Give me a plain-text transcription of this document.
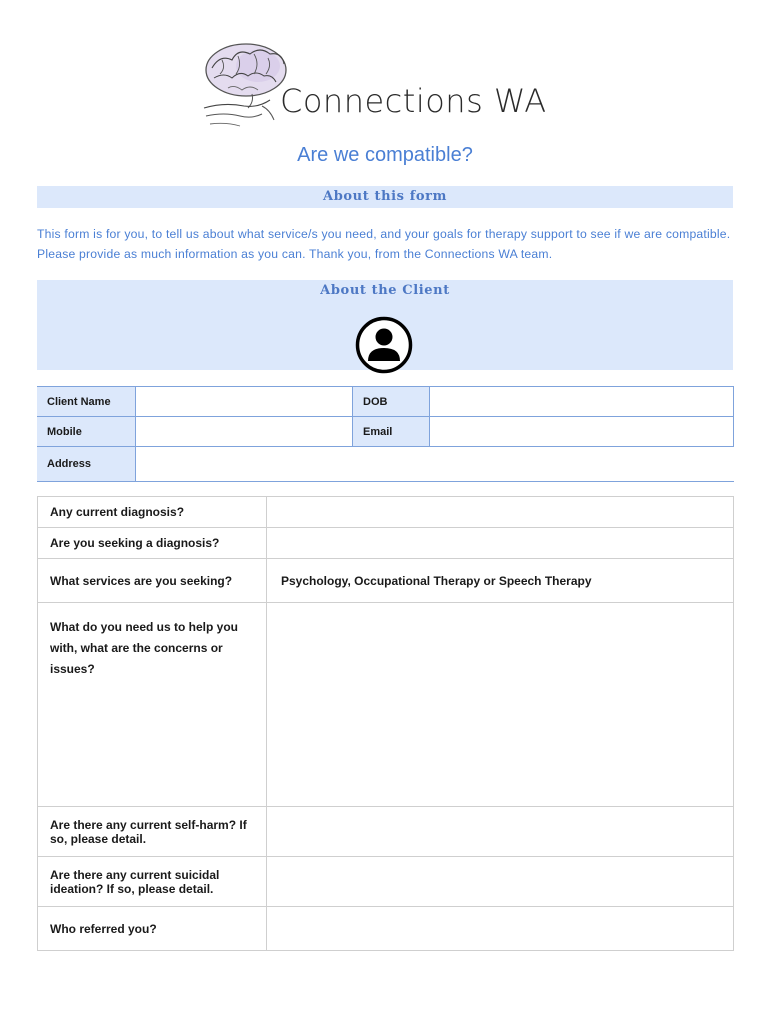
Connections WA
Are we compatible?
About this form
This form is for you, to tell us about what service/s you need, and your goals for therapy support to see if we are compatible. Please provide as much information as you can. Thank you, from the Connections WA team.
About the Client
Client Name		DOB	
Mobile		Email	
Address			
Any current diagnosis?	
Are you seeking a diagnosis?	
What services are you seeking?	Psychology, Occupational Therapy or Speech Therapy
What do you need us to help you with, what are the concerns or issues?	
Are there any current self-harm? If so, please detail.	
Are there any current suicidal ideation? If so, please detail.	
Who referred you?	
